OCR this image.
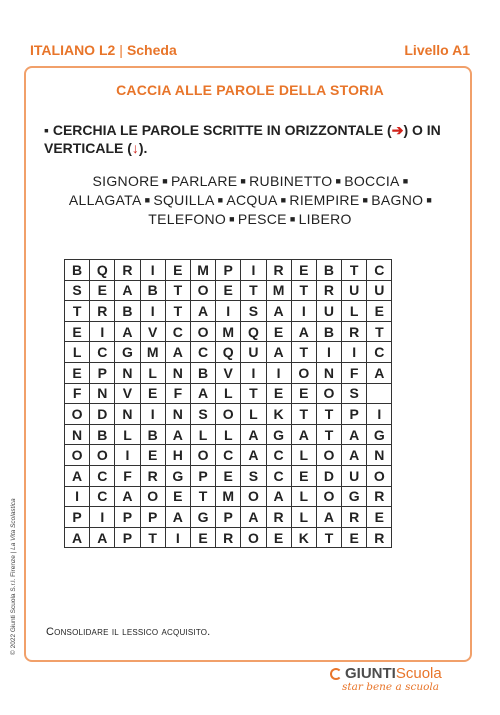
ITALIANO L2 | Scheda	Livello A1
CACCIA ALLE PAROLE DELLA STORIA
▪ CERCHIA LE PAROLE SCRITTE IN ORIZZONTALE (➔) O IN VERTICALE (↓).
SIGNORE ■ PARLARE ■ RUBINETTO ■ BOCCIA ■
ALLAGATA ■ SQUILLA ■ ACQUA ■ RIEMPIRE ■ BAGNO ■
TELEFONO ■ PESCE ■ LIBERO
B	Q	R	I	E	M	P	I	R	E	B	T	C
S	E	A	B	T	O	E	T	M	T	R	U	U
T	R	B	I	T	A	I	S	A	I	U	L	E
E	I	A	V	C	O	M	Q	E	A	B	R	T
L	C	G	M	A	C	Q	U	A	T	I	I	C
E	P	N	L	N	B	V	I	I	O	N	F	A
F	N	V	E	F	A	L	T	E	E	O	S	
O	D	N	I	N	S	O	L	K	T	T	P	I
N	B	L	B	A	L	L	A	G	A	T	A	G
O	O	I	E	H	O	C	A	C	L	O	A	N
A	C	F	R	G	P	E	S	C	E	D	U	O
I	C	A	O	E	T	M	O	A	L	O	G	R
P	I	P	P	A	G	P	A	R	L	A	R	E
A	A	P	T	I	E	R	O	E	K	T	E	R
Consolidare il lessico acquisito.
© 2022 Giunti Scuola S.r.l. Firenze | La Vita Scolastica
GIUNTI Scuola
star bene a scuola
